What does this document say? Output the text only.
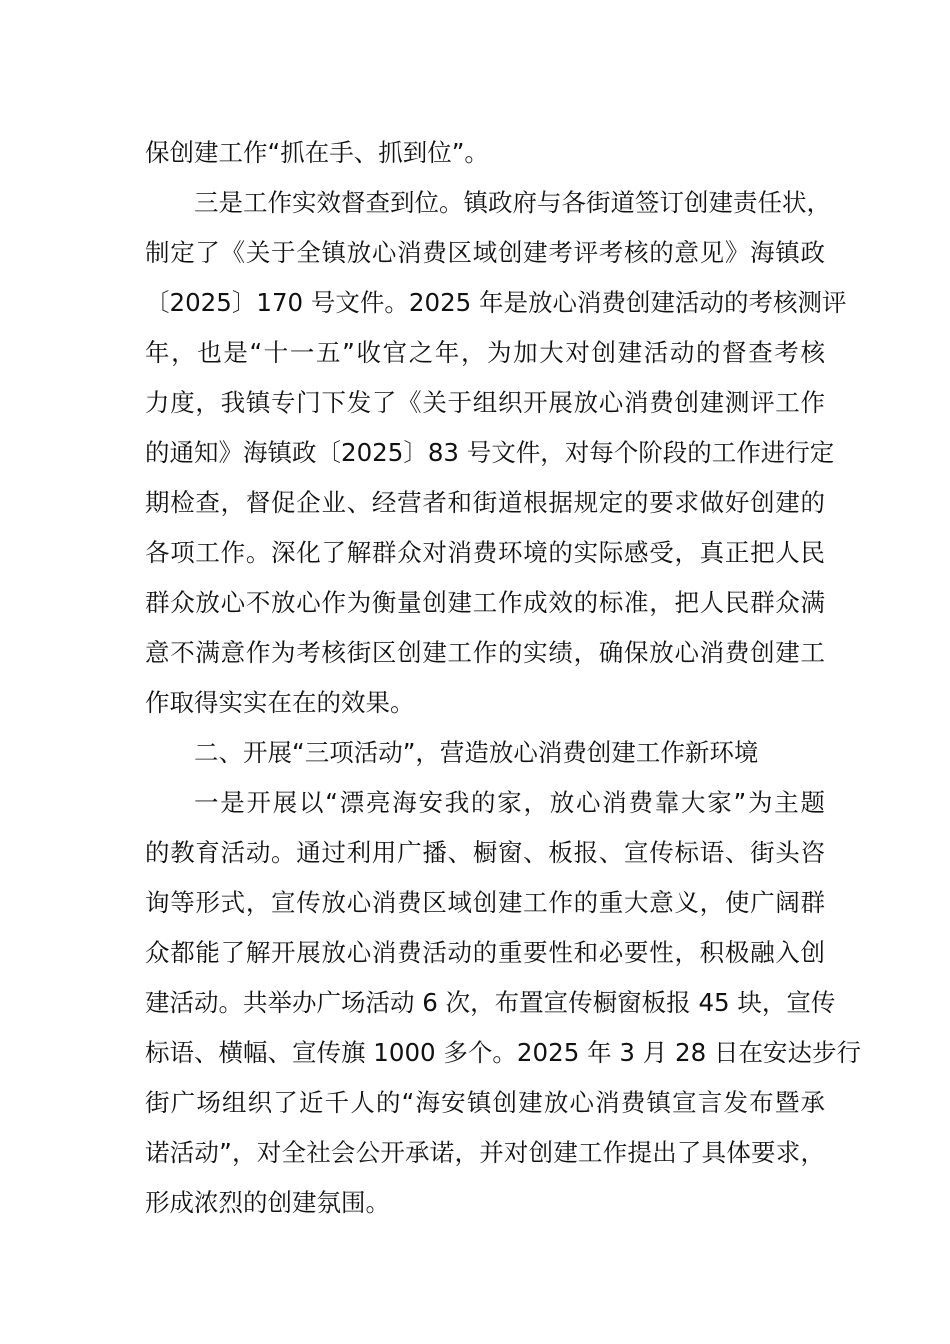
保创建工作“抓在手、抓到位”。
三是工作实效督查到位。镇政府与各街道签订创建责任状，
制定了《关于全镇放心消费区域创建考评考核的意见》海镇政
〔2025〕170 号文件。2025 年是放心消费创建活动的考核测评
年，也是“十一五”收官之年，为加大对创建活动的督查考核
力度，我镇专门下发了《关于组织开展放心消费创建测评工作
的通知》海镇政〔2025〕83 号文件，对每个阶段的工作进行定
期检查，督促企业、经营者和街道根据规定的要求做好创建的
各项工作。深化了解群众对消费环境的实际感受，真正把人民
群众放心不放心作为衡量创建工作成效的标准，把人民群众满
意不满意作为考核街区创建工作的实绩，确保放心消费创建工
作取得实实在在的效果。
二、开展“三项活动”，营造放心消费创建工作新环境
一是开展以“漂亮海安我的家，放心消费靠大家”为主题
的教育活动。通过利用广播、橱窗、板报、宣传标语、街头咨
询等形式，宣传放心消费区域创建工作的重大意义，使广阔群
众都能了解开展放心消费活动的重要性和必要性，积极融入创
建活动。共举办广场活动 6 次，布置宣传橱窗板报 45 块，宣传
标语、横幅、宣传旗 1000 多个。2025 年 3 月 28 日在安达步行
街广场组织了近千人的“海安镇创建放心消费镇宣言发布暨承
诺活动”，对全社会公开承诺，并对创建工作提出了具体要求，
形成浓烈的创建氛围。
